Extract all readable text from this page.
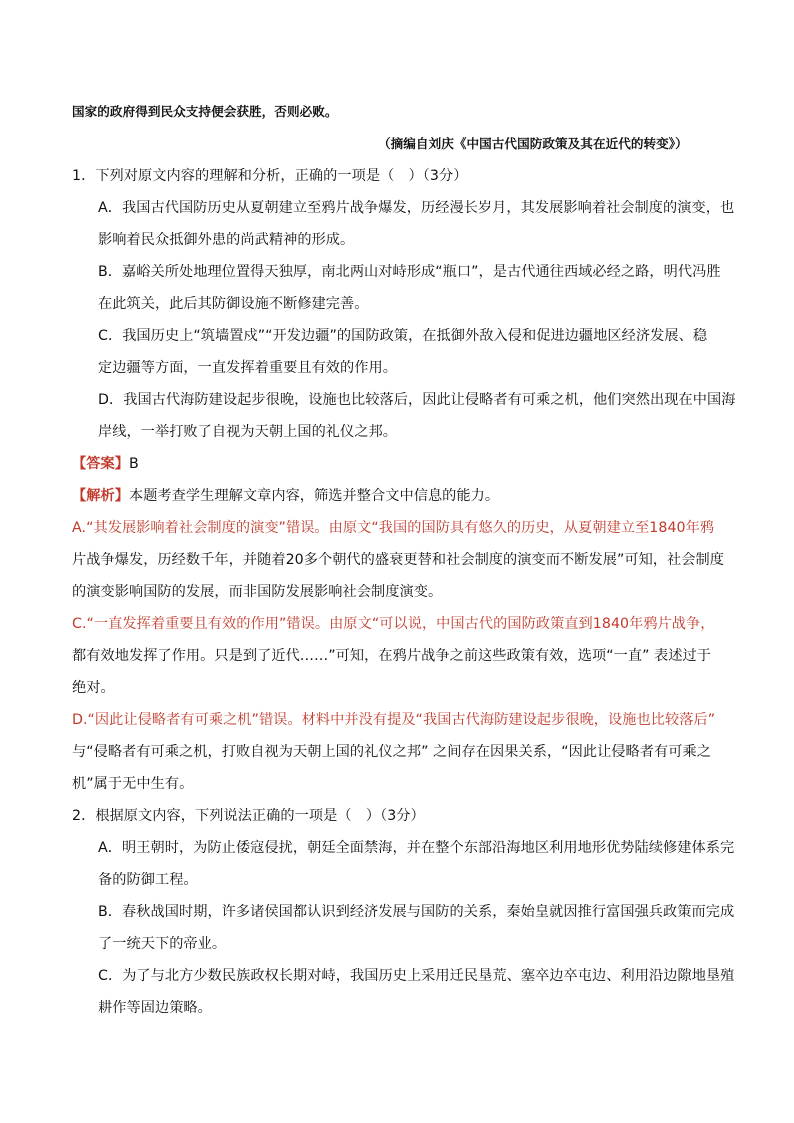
国家的政府得到民众支持便会获胜，否则必败。
（摘编自刘庆《中国古代国防政策及其在近代的转变》）
1．下列对原文内容的理解和分析，正确的一项是（　）（3分）
A．我国古代国防历史从夏朝建立至鸦片战争爆发，历经漫长岁月，其发展影响着社会制度的演变，也
影响着民众抵御外患的尚武精神的形成。
B．嘉峪关所处地理位置得天独厚，南北两山对峙形成“瓶口”，是古代通往西域必经之路，明代冯胜
在此筑关，此后其防御设施不断修建完善。
C．我国历史上“筑墙置戍”“开发边疆”的国防政策，在抵御外敌入侵和促进边疆地区经济发展、稳
定边疆等方面，一直发挥着重要且有效的作用。
D．我国古代海防建设起步很晚，设施也比较落后，因此让侵略者有可乘之机，他们突然出现在中国海
岸线，一举打败了自视为天朝上国的礼仪之邦。
【答案】B
【解析】本题考查学生理解文章内容，筛选并整合文中信息的能力。
A.“其发展影响着社会制度的演变”错误。由原文“我国的国防具有悠久的历史，从夏朝建立至1840年鸦
片战争爆发，历经数千年，并随着20多个朝代的盛衰更替和社会制度的演变而不断发展”可知，社会制度
的演变影响国防的发展，而非国防发展影响社会制度演变。
C.“一直发挥着重要且有效的作用”错误。由原文“可以说，中国古代的国防政策直到1840年鸦片战争，
都有效地发挥了作用。只是到了近代……”可知，在鸦片战争之前这些政策有效，选项“一直” 表述过于
绝对。
D.“因此让侵略者有可乘之机”错误。材料中并没有提及“我国古代海防建设起步很晚，设施也比较落后”
与“侵略者有可乘之机，打败自视为天朝上国的礼仪之邦” 之间存在因果关系，“因此让侵略者有可乘之
机”属于无中生有。
2．根据原文内容，下列说法正确的一项是（　）（3分）
A．明王朝时，为防止倭寇侵扰，朝廷全面禁海，并在整个东部沿海地区利用地形优势陆续修建体系完
备的防御工程。
B．春秋战国时期，许多诸侯国都认识到经济发展与国防的关系，秦始皇就因推行富国强兵政策而完成
了一统天下的帝业。
C．为了与北方少数民族政权长期对峙，我国历史上采用迁民垦荒、塞卒边卒屯边、利用沿边隙地垦殖
耕作等固边策略。
